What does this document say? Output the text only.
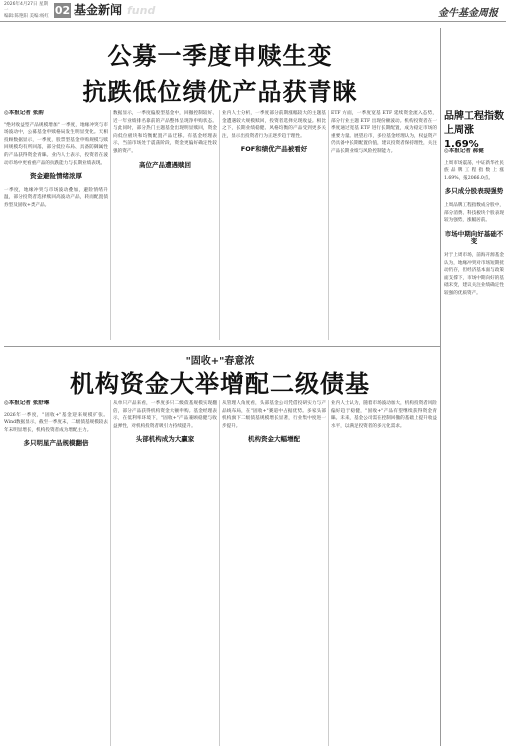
2026年4月27日 星期一
编辑:陈艳阳 美编:杨红 02 基金新闻 fund	金牛基金周报
公募一季度申赎生变
抗跌低位绩优产品获青睐
◎本报记者 张韵
"绝对收益型产品规模增加" 一季度，地缘冲突与市场波动中，公募基金申赎格局发生明显变化。天相投顾数据显示，一季度，股票型基金申购规模与赎回规模均有所回落，部分低位布局、具备防御属性的产品获得资金青睐。业内人士表示，投资者在波动市场中更看重产品的抗跌能力与长期业绩表现。
资金避险情绪浓厚
一季度，地缘冲突与市场波动叠加，避险情绪升温，部分投资者选择赎回高波动产品，转而配置债券型及固收+类产品。
数据显示，一季度偏股型基金中，回撤控制较好、近一年业绩排名靠前的产品整体呈现净申购状态。与此同时，部分热门主题基金出现明显赎回，资金向低位板块和均衡配置产品迁移。有基金经理表示，当前市场处于震荡阶段，资金更偏好确定性较强的资产。
高位产品遭遇赎回
业内人士分析，一季度部分前期涨幅较大的主题基金遭遇较大规模赎回，投资者选择兑现收益。相比之下，长期业绩稳健、风格均衡的产品受到更多关注，显示出投资者行为正逐步趋于理性。
FOF和绩优产品被看好
ETF 方面，一季度宽基 ETF 延续资金流入态势，部分行业主题 ETF 出现份额波动。机构投资者在一季度通过宽基 ETF 进行长期配置，成为稳定市场的重要力量。展望后市，多位基金经理认为，权益资产仍具备中长期配置价值，建议投资者保持理性，关注产品长期业绩与风险控制能力。
品牌工程指数上周涨1.69%
◎本报记者 郝健
上周市场震荡，中证新华社民族品牌工程指数上涨1.69%，报2066.0点。
多只成分股表现强势
上周品牌工程指数成分股中，部分消费、科技板块个股表现较为强势，涨幅居前。
市场中期向好基础不变
对于上周市场，前海开源基金认为，地缘冲突对市场短期扰动仍存，但经济基本面与政策面支撑下，市场中期向好的基础未变，建议关注业绩确定性较强的优质资产。
"固收+"春意浓
机构资金大举增配二级债基
◎本报记者 张舒琳
2026年一季度，"固收+"基金迎来规模扩张。Wind数据显示，截至一季度末，二级债基规模较去年末明显增长，机构投资者成为增配主力。
多只明星产品规模翻倍
从单只产品来看，一季度多只二级债基规模实现翻倍，部分产品获得机构资金大额申购。基金经理表示，在低利率环境下，"固收+"产品兼顾稳健与收益弹性，对机构投资者吸引力持续提升。
头部机构成为大赢家
从管理人角度看，头部基金公司凭借投研实力与产品线布局，在"固收+"赛道中占据优势。多家头部机构旗下二级债基规模增长显著，行业集中度进一步提升。
机构资金大幅增配
业内人士认为，随着市场波动加大，机构投资者风险偏好趋于稳健，"固收+"产品有望继续获得资金青睐。未来，基金公司需在控制回撤的基础上提升收益水平，以满足投资者的多元化需求。
